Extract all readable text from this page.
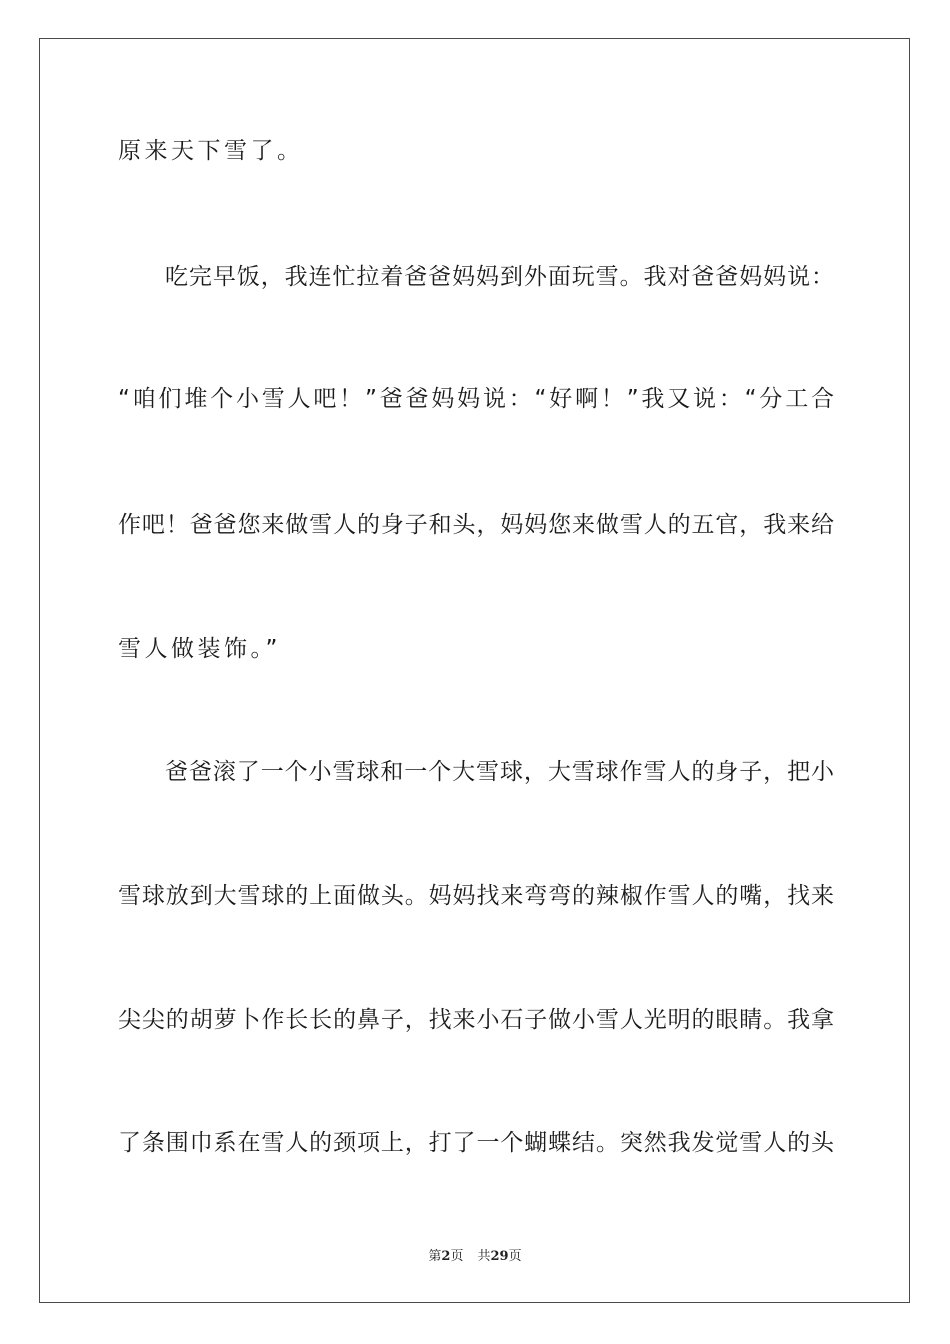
原来天下雪了。
吃完早饭，我连忙拉着爸爸妈妈到外面玩雪。我对爸爸妈妈说：
“咱们堆个小雪人吧！”爸爸妈妈说：“好啊！”我又说：“分工合
作吧！爸爸您来做雪人的身子和头，妈妈您来做雪人的五官，我来给
雪人做装饰。”
爸爸滚了一个小雪球和一个大雪球，大雪球作雪人的身子，把小
雪球放到大雪球的上面做头。妈妈找来弯弯的辣椒作雪人的嘴，找来
尖尖的胡萝卜作长长的鼻子，找来小石子做小雪人光明的眼睛。我拿
了条围巾系在雪人的颈项上，打了一个蝴蝶结。突然我发觉雪人的头
第2页 共29页
